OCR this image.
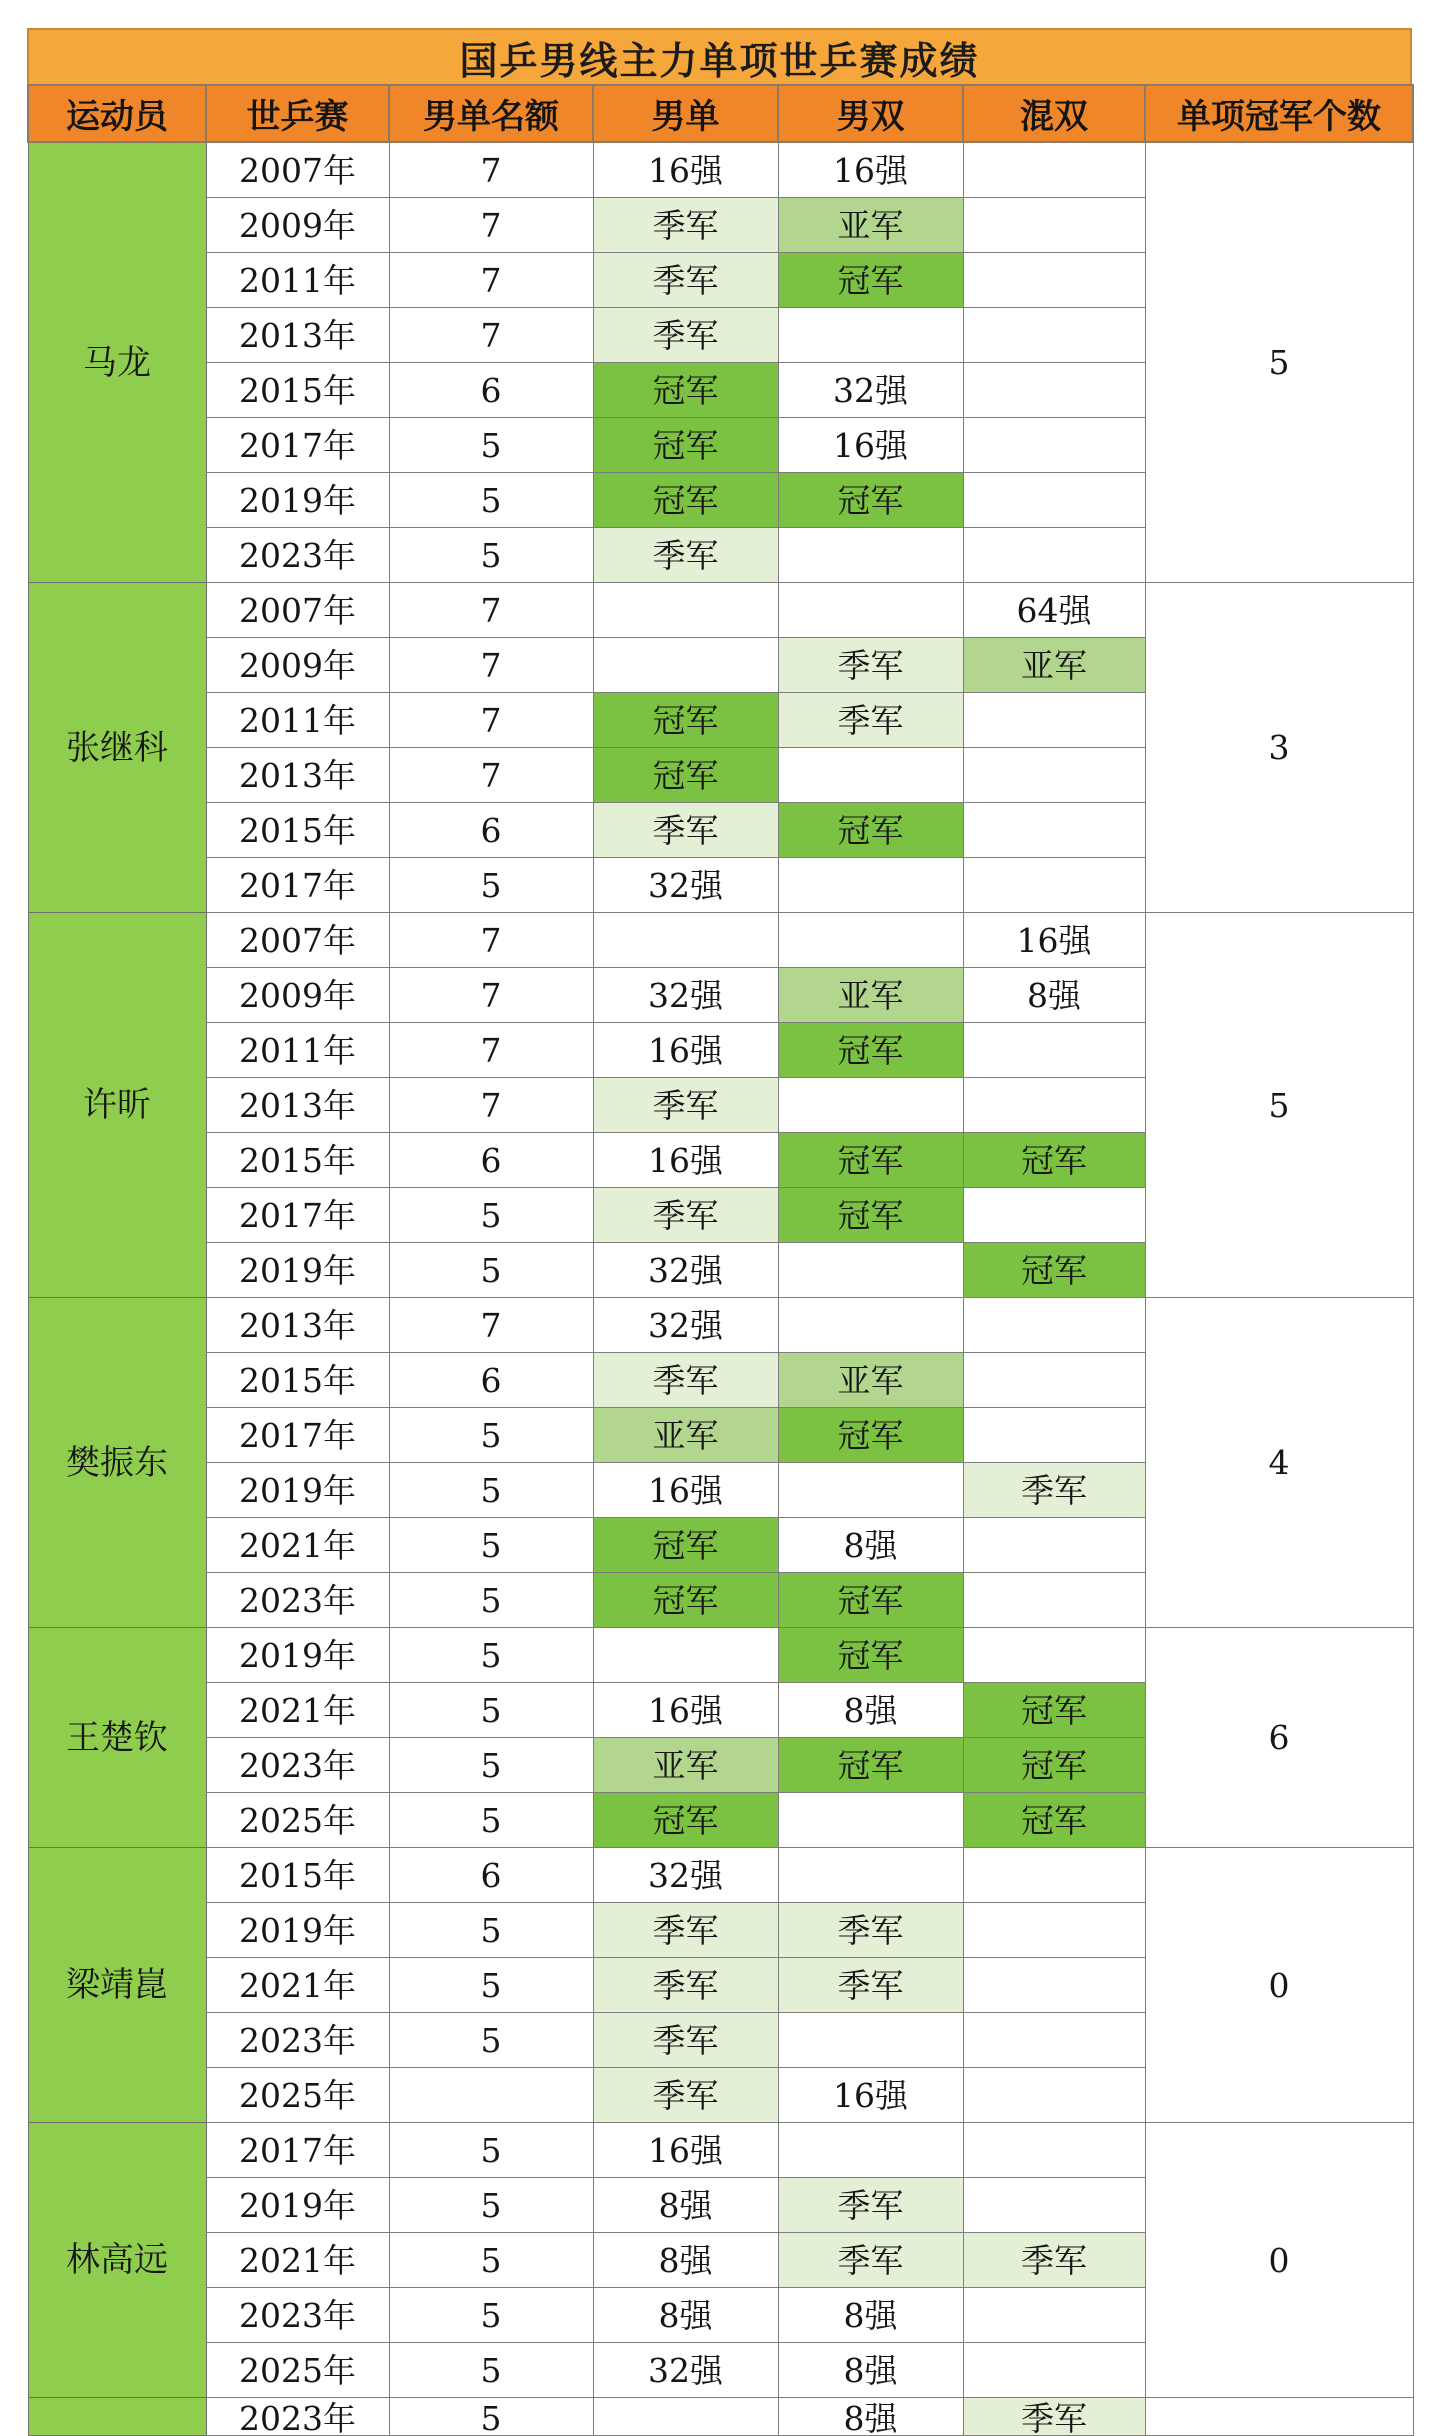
国乒男线主力单项世乒赛成绩
运动员	世乒赛	男单名额	男单	男双	混双	单项冠军个数
马龙	2007年	7	16强	16强		5
	2009年	7	季军	亚军		
	2011年	7	季军	冠军		
	2013年	7	季军			
	2015年	6	冠军	32强		
	2017年	5	冠军	16强		
	2019年	5	冠军	冠军		
	2023年	5	季军			
张继科	2007年	7			64强	3
	2009年	7		季军	亚军	
	2011年	7	冠军	季军		
	2013年	7	冠军			
	2015年	6	季军	冠军		
	2017年	5	32强			
许昕	2007年	7			16强	5
	2009年	7	32强	亚军	8强	
	2011年	7	16强	冠军		
	2013年	7	季军			
	2015年	6	16强	冠军	冠军	
	2017年	5	季军	冠军		
	2019年	5	32强		冠军	
樊振东	2013年	7	32强			4
	2015年	6	季军	亚军		
	2017年	5	亚军	冠军		
	2019年	5	16强		季军	
	2021年	5	冠军	8强		
	2023年	5	冠军	冠军		
王楚钦	2019年	5		冠军		6
	2021年	5	16强	8强	冠军	
	2023年	5	亚军	冠军	冠军	
	2025年	5	冠军		冠军	
梁靖崑	2015年	6	32强			0
	2019年	5	季军	季军		
	2021年	5	季军	季军		
	2023年	5	季军			
	2025年		季军	16强		
林高远	2017年	5	16强			0
	2019年	5	8强	季军		
	2021年	5	8强	季军	季军	
	2023年	5	8强	8强		
	2025年	5	32强	8强		
	2023年	5		8强	季军	
